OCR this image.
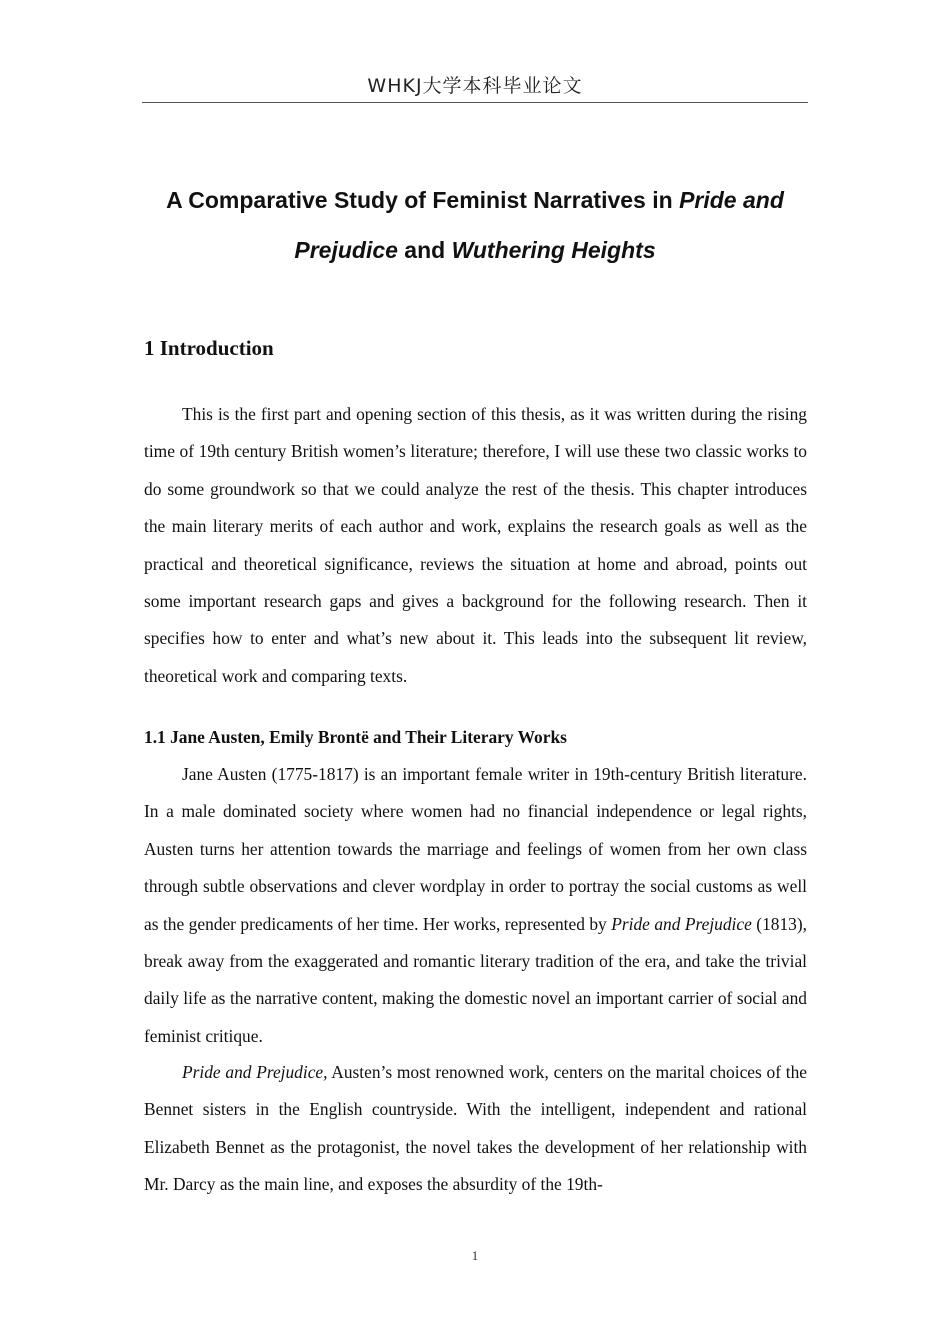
WHKJ大学本科毕业论文
A Comparative Study of Feminist Narratives in Pride and Prejudice and Wuthering Heights
1 Introduction

This is the first part and opening section of this thesis, as it was written during the rising time of 19th century British women’s literature; therefore, I will use these two classic works to do some groundwork so that we could analyze the rest of the thesis. This chapter introduces the main literary merits of each author and work, explains the research goals as well as the practical and theoretical significance, reviews the situation at home and abroad, points out some important research gaps and gives a background for the following research. Then it specifies how to enter and what’s new about it. This leads into the subsequent lit review, theoretical work and comparing texts.

1.1 Jane Austen, Emily Brontë and Their Literary Works

Jane Austen (1775-1817) is an important female writer in 19th-century British literature. In a male dominated society where women had no financial independence or legal rights, Austen turns her attention towards the marriage and feelings of women from her own class through subtle observations and clever wordplay in order to portray the social customs as well as the gender predicaments of her time. Her works, represented by Pride and Prejudice (1813), break away from the exaggerated and romantic literary tradition of the era, and take the trivial daily life as the narrative content, making the domestic novel an important carrier of social and feminist critique.

Pride and Prejudice, Austen’s most renowned work, centers on the marital choices of the Bennet sisters in the English countryside. With the intelligent, independent and rational Elizabeth Bennet as the protagonist, the novel takes the development of her relationship with Mr. Darcy as the main line, and exposes the absurdity of the 19th-

1
